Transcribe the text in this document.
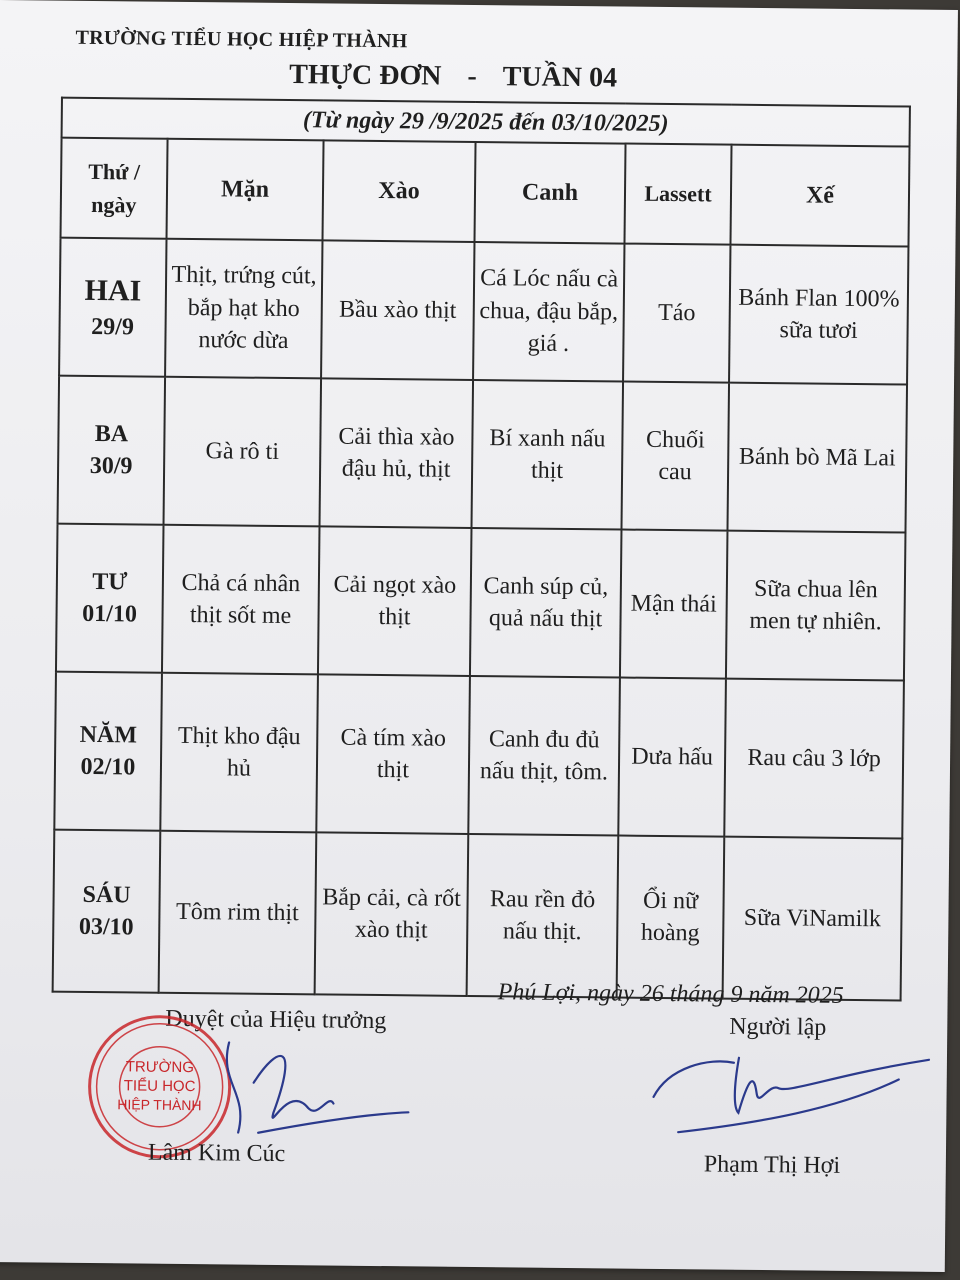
TRƯỜNG TIỂU HỌC HIỆP THÀNH
THỰC ĐƠN - TUẦN 04
(Từ ngày 29 /9/2025 đến 03/10/2025)					
Thứ /
ngày	Mặn	Xào	Canh	Lassett	Xế
HAI
29/9	Thịt, trứng cút, bắp hạt kho nước dừa	Bầu xào thịt	Cá Lóc nấu cà chua, đậu bắp, giá .	Táo	Bánh Flan 100% sữa tươi
BA
30/9	Gà rô ti	Cải thìa xào đậu hủ, thịt	Bí xanh nấu thịt	Chuối cau	Bánh bò Mã Lai
TƯ
01/10	Chả cá nhân thịt sốt me	Cải ngọt xào thịt	Canh súp củ, quả nấu thịt	Mận thái	Sữa chua lên men tự nhiên.
NĂM
02/10	Thịt kho đậu hủ	Cà tím xào thịt	Canh đu đủ nấu thịt, tôm.	Dưa hấu	Rau câu 3 lớp
SÁU
03/10	Tôm rim thịt	Bắp cải, cà rốt xào thịt	Rau rền đỏ nấu thịt.	Ổi nữ hoàng	Sữa ViNamilk
Phú Lợi, ngày 26 tháng 9 năm 2025
Duyệt của Hiệu trưởng	Người lập
TRƯỜNG
TIỂU HỌC
HIỆP THÀNH
Lâm Kim Cúc	Phạm Thị Hợi
